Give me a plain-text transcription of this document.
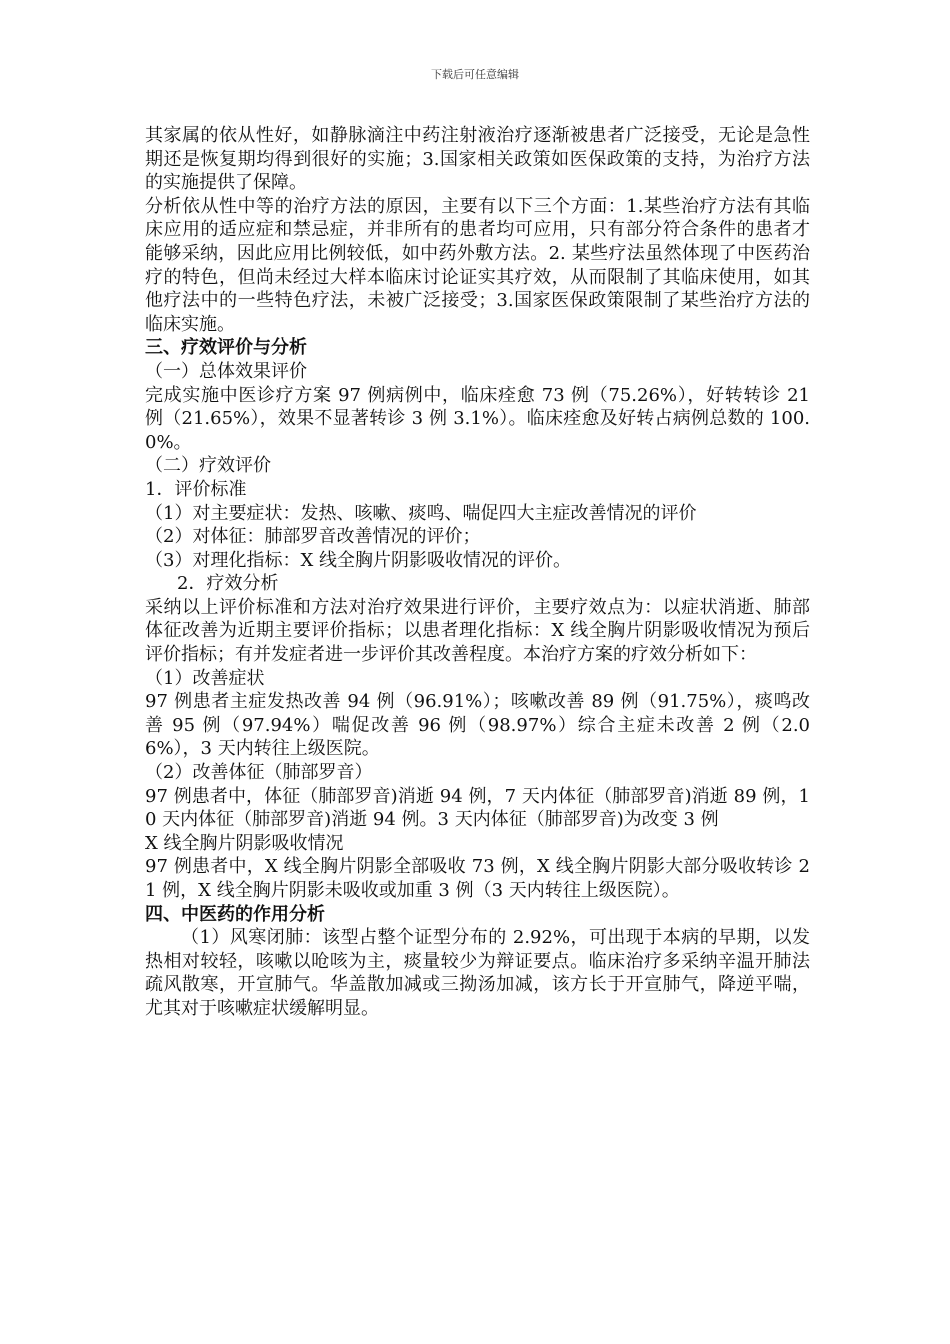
下载后可任意编辑

其家属的依从性好，如静脉滴注中药注射液治疗逐渐被患者广泛接受，无论是急性期还是恢复期均得到很好的实施；3.国家相关政策如医保政策的支持，为治疗方法的实施提供了保障。

分析依从性中等的治疗方法的原因，主要有以下三个方面：1.某些治疗方法有其临床应用的适应症和禁忌症，并非所有的患者均可应用，只有部分符合条件的患者才能够采纳，因此应用比例较低，如中药外敷方法。2. 某些疗法虽然体现了中医药治疗的特色，但尚未经过大样本临床讨论证实其疗效，从而限制了其临床使用，如其他疗法中的一些特色疗法，未被广泛接受；3.国家医保政策限制了某些治疗方法的临床实施。

三、疗效评价与分析

（一）总体效果评价

完成实施中医诊疗方案 97 例病例中，临床痊愈 73 例（75.26%），好转转诊 21 例（21.65%），效果不显著转诊 3 例 3.1%）。临床痊愈及好转占病例总数的 100.0%。

（二）疗效评价

1．评价标准

（1）对主要症状：发热、咳嗽、痰鸣、喘促四大主症改善情况的评价

（2）对体征：肺部罗音改善情况的评价；

（3）对理化指标：X 线全胸片阴影吸收情况的评价。

2．疗效分析

采纳以上评价标准和方法对治疗效果进行评价，主要疗效点为：以症状消逝、肺部体征改善为近期主要评价指标；以患者理化指标：X 线全胸片阴影吸收情况为预后评价指标；有并发症者进一步评价其改善程度。本治疗方案的疗效分析如下：

（1）改善症状

97 例患者主症发热改善 94 例（96.91%）；咳嗽改善 89 例（91.75%），痰鸣改善 95 例（97.94%）喘促改善 96 例（98.97%）综合主症未改善 2 例（2.06%），3 天内转往上级医院。

（2）改善体征（肺部罗音）

97 例患者中，体征（肺部罗音)消逝 94 例，7 天内体征（肺部罗音)消逝 89 例，10 天内体征（肺部罗音)消逝 94 例。3 天内体征（肺部罗音)为改变 3 例

X 线全胸片阴影吸收情况

97 例患者中，X 线全胸片阴影全部吸收 73 例，X 线全胸片阴影大部分吸收转诊 21 例，X 线全胸片阴影未吸收或加重 3 例（3 天内转往上级医院）。

四、中医药的作用分析

（1）风寒闭肺：该型占整个证型分布的 2.92%，可出现于本病的早期，以发热相对较轻，咳嗽以呛咳为主，痰量较少为辩证要点。临床治疗多采纳辛温开肺法疏风散寒，开宣肺气。华盖散加减或三拗汤加减，该方长于开宣肺气，降逆平喘，尤其对于咳嗽症状缓解明显。
